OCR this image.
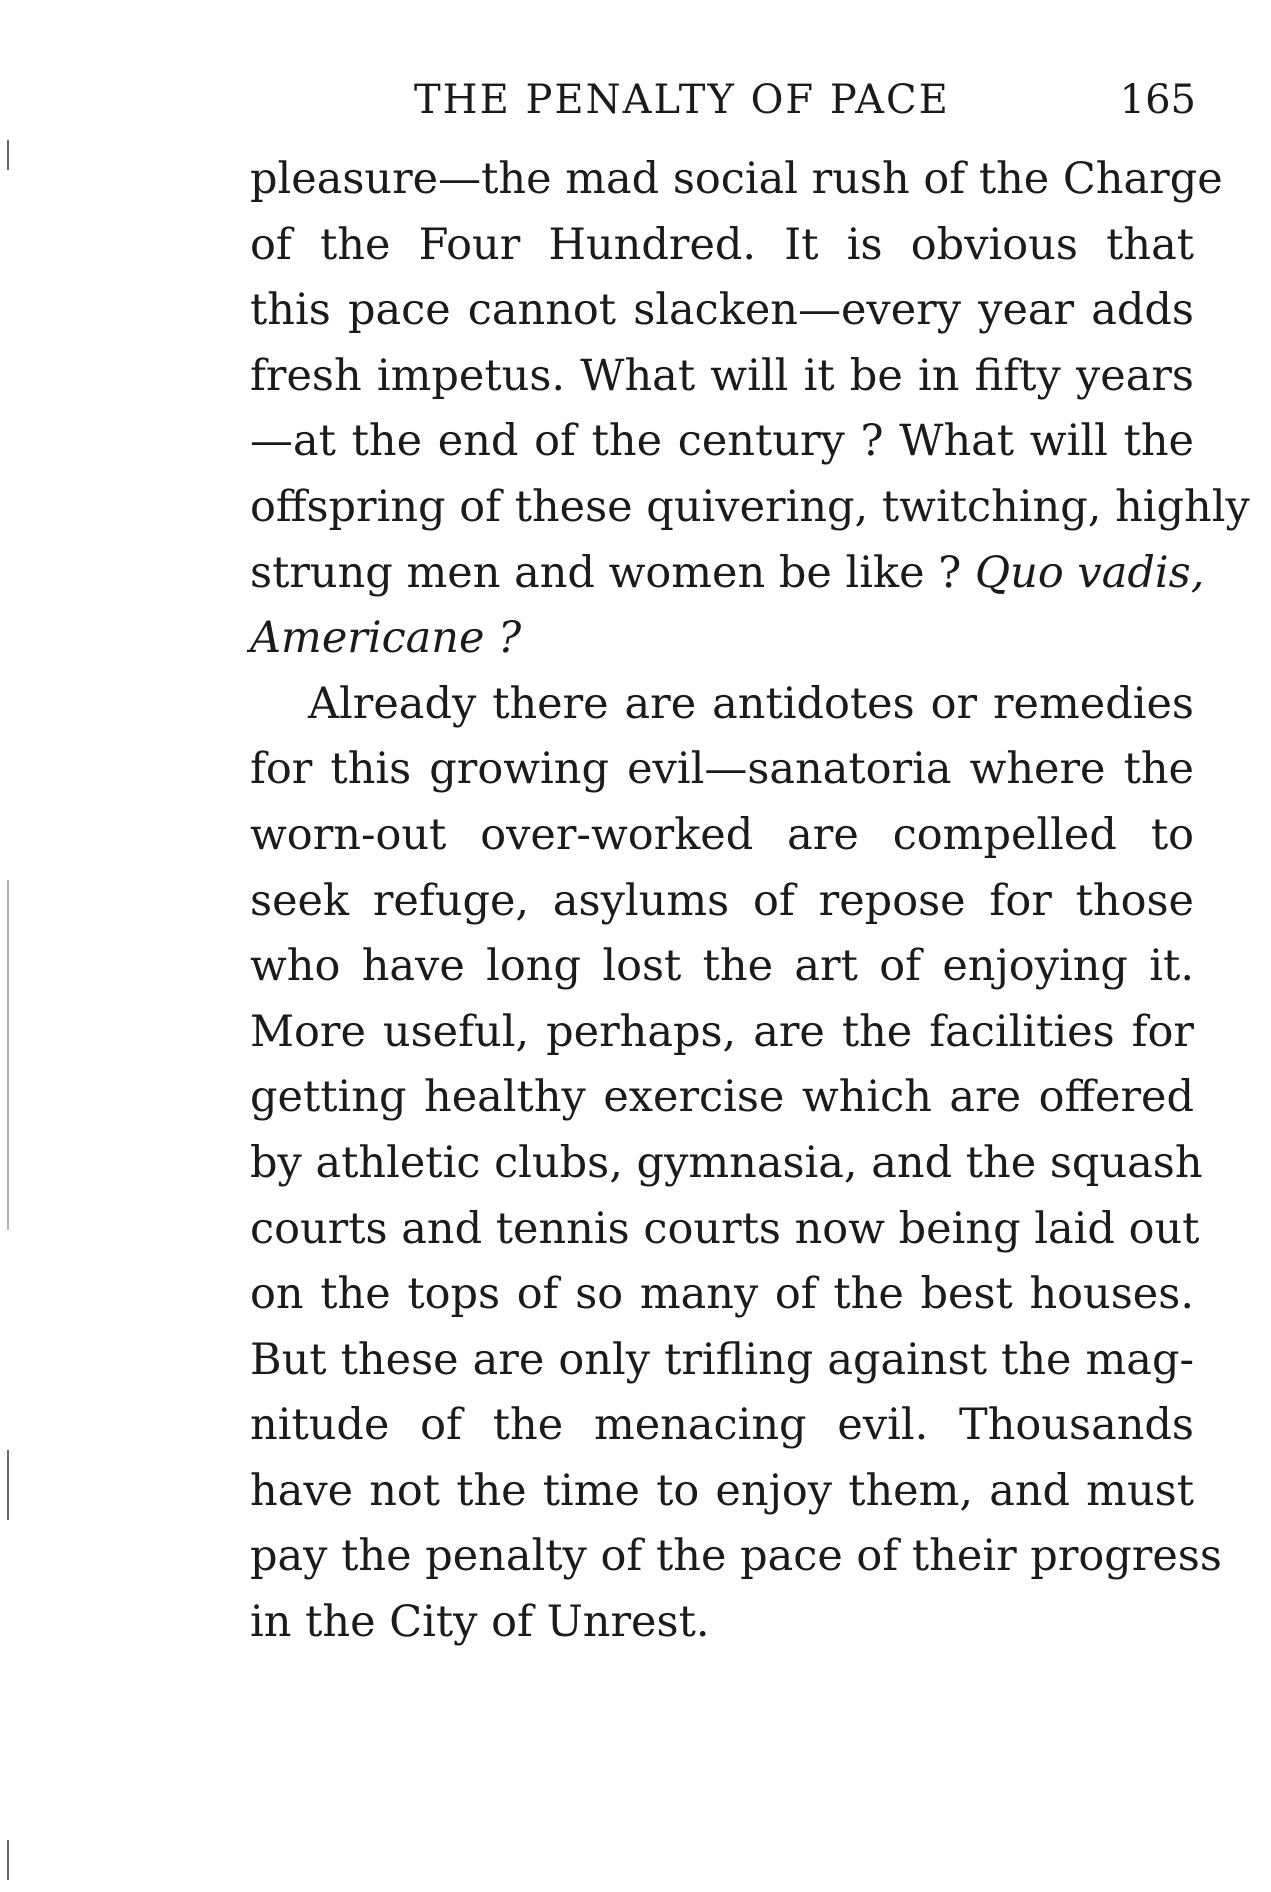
THE PENALTY OF PACE	165
pleasure—the mad social rush of the Charge
of the Four Hundred. It is obvious that
this pace cannot slacken—every year adds
fresh impetus. What will it be in fifty years
—at the end of the century ? What will the
offspring of these quivering, twitching, highly
strung men and women be like ? Quo vadis,
Americane ?
Already there are antidotes or remedies
for this growing evil—sanatoria where the
worn-out over-worked are compelled to
seek refuge, asylums of repose for those
who have long lost the art of enjoying it.
More useful, perhaps, are the facilities for
getting healthy exercise which are offered
by athletic clubs, gymnasia, and the squash
courts and tennis courts now being laid out
on the tops of so many of the best houses.
But these are only trifling against the mag-
nitude of the menacing evil. Thousands
have not the time to enjoy them, and must
pay the penalty of the pace of their progress
in the City of Unrest.
